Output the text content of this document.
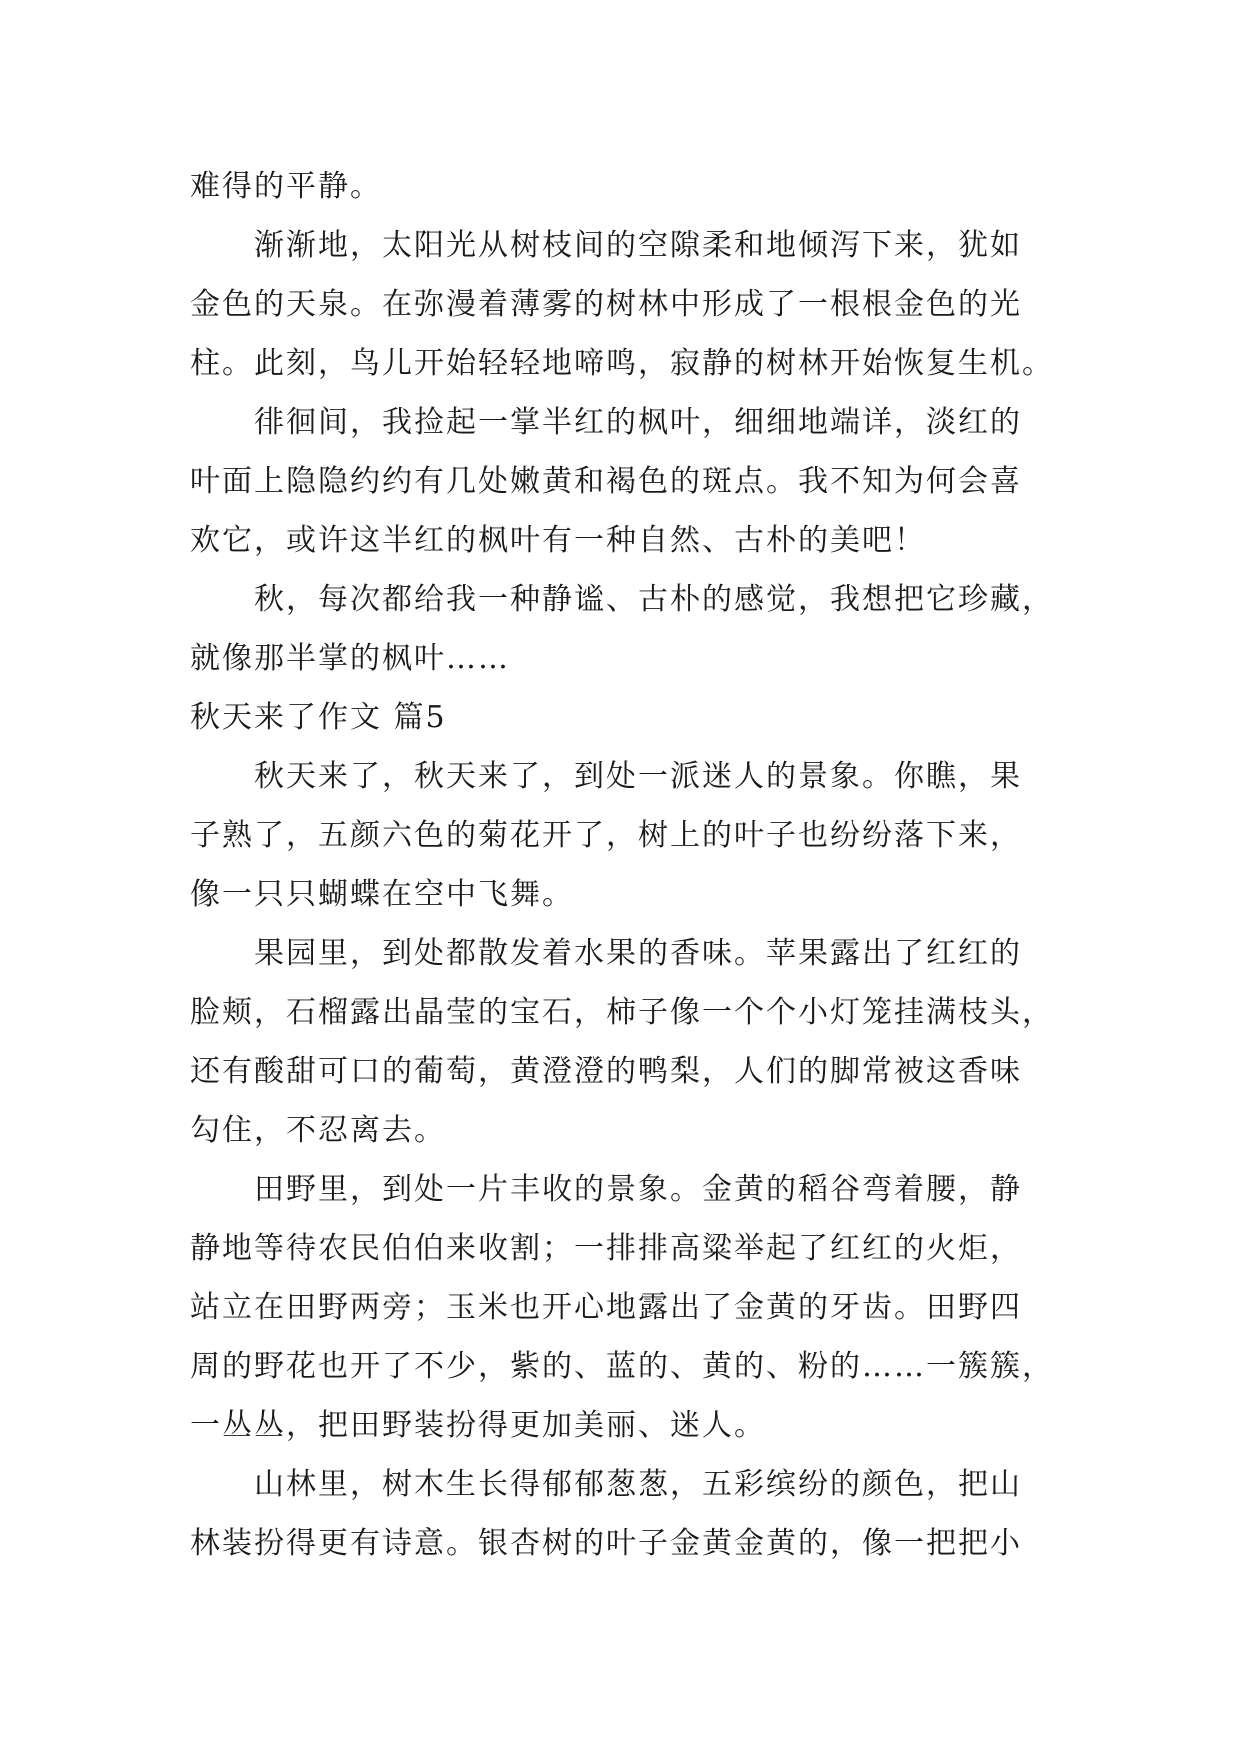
难得的平静。
渐渐地，太阳光从树枝间的空隙柔和地倾泻下来，犹如
金色的天泉。在弥漫着薄雾的树林中形成了一根根金色的光
柱。此刻，鸟儿开始轻轻地啼鸣，寂静的树林开始恢复生机。
徘徊间，我捡起一掌半红的枫叶，细细地端详，淡红的
叶面上隐隐约约有几处嫩黄和褐色的斑点。我不知为何会喜
欢它，或许这半红的枫叶有一种自然、古朴的美吧！
秋，每次都给我一种静谧、古朴的感觉，我想把它珍藏，
就像那半掌的枫叶……
秋天来了作文 篇5
秋天来了，秋天来了，到处一派迷人的景象。你瞧，果
子熟了，五颜六色的菊花开了，树上的叶子也纷纷落下来，
像一只只蝴蝶在空中飞舞。
果园里，到处都散发着水果的香味。苹果露出了红红的
脸颊，石榴露出晶莹的宝石，柿子像一个个小灯笼挂满枝头，
还有酸甜可口的葡萄，黄澄澄的鸭梨，人们的脚常被这香味
勾住，不忍离去。
田野里，到处一片丰收的景象。金黄的稻谷弯着腰，静
静地等待农民伯伯来收割；一排排高粱举起了红红的火炬，
站立在田野两旁；玉米也开心地露出了金黄的牙齿。田野四
周的野花也开了不少，紫的、蓝的、黄的、粉的……一簇簇，
一丛丛，把田野装扮得更加美丽、迷人。
山林里，树木生长得郁郁葱葱，五彩缤纷的颜色，把山
林装扮得更有诗意。银杏树的叶子金黄金黄的，像一把把小
